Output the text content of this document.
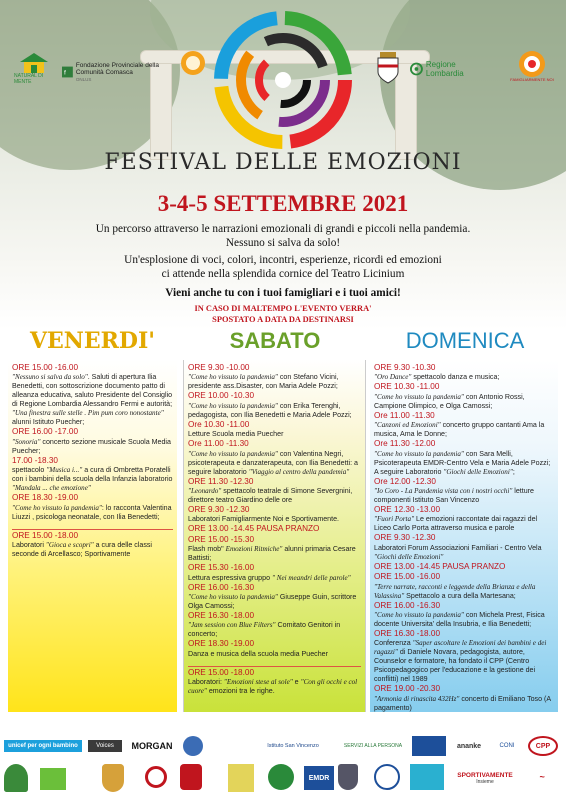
NATURAL DI MENTE
f
Fondazione Provinciale della Comunità Comasca
ONLUS
Regione Lombardia
FAMIGLIARMENTE NOI
FESTIVAL DELLE EMOZIONI
3-4-5 SETTEMBRE 2021
Un percorso attraverso le narrazioni emozionali di grandi e piccoli nella pandemia.
Nessuno si salva da solo!
Un'esplosione di voci, colori, incontri, esperienze, ricordi ed emozioni
ci attende nella splendida cornice del Teatro Licinium
Vieni anche tu con i tuoi famigliari e i tuoi amici!
IN CASO DI MALTEMPO L'EVENTO VERRA'
SPOSTATO A DATA DA DESTINARSI
VENERDI'	SABATO	DOMENICA
ORE 15.00 -16.00
"Nessuno si salva da solo". Saluti di apertura Ilia Benedetti, con sottoscrizione documento patto di alleanza educativa, saluto Presidente del Consiglio di Regione Lombardia Alessandro Fermi e autorità;
"Una finestra sulle stelle . Pim pum coro nonostante" alunni Istituto Puecher;
ORE 16.00 -17.00
"Sonoria" concerto sezione musicale Scuola Media Puecher;
17.00 -18.30
spettacolo "Musica i..." a cura di Ombretta Poratelli con i bambini della scuola della Infanzia laboratorio "Mandala ... che emozione"
ORE 18.30 -19.00
"Come ho vissuto la pandemia": lo racconta Valentina Liuzzi , psicologa neonatale, con Ilia Benedetti;
ORE 15.00 -18.00
Laboratori "Gioca e scopri" a cura delle classi seconde di Arcellasco; Sportivamente
ORE 9.30 -10.00
"Come ho vissuto la pandemia" con Stefano Vicini, presidente ass.Disaster, con Maria Adele Pozzi;
ORE 10.00 -10.30
"Come ho vissuto la pandemia" con Erika Terenghi, pedagogista, con Ilia Benedetti e Maria Adele Pozzi;
Ore 10.30 -11.00
Letture Scuola media Puecher
Ore 11.00 -11.30
"Come ho vissuto la pandemia" con Valentina Negri, psicoterapeuta e danzaterapeuta, con Ilia Benedetti: a seguire laboratorio "Viaggio al centro della pandemia"
ORE 11.30 -12.30
"Leonardo" spettacolo teatrale di Simone Severgnini, direttore teatro Giardino delle ore
ORE 9.30 -12.30
Laboratori Famigliarmente Noi e Sportivamente.
ORE 13.00 -14.45 PAUSA PRANZO
ORE 15.00 -15.30
Flash mob" Emozioni Ritmiche" alunni primaria Cesare Battisti;
ORE 15.30 -16.00
Lettura espressiva gruppo " Nei meandri delle parole"
ORE 16.00 -16.30
"Come ho vissuto la pandemia" Giuseppe Guin, scrittore Olga Camossi;
ORE 16.30 -18.00
"Jam session con Blue Filters" Comitato Genitori in concerto;
ORE 18.30 -19.00
Danza e musica della scuola media Puecher
ORE 15.00 -18.00
Laboratori: "Emozioni stese al sole" e "Con gli occhi e col cuore" emozioni tra le righe.
ORE 9.30 -10.30
"Oro Dance" spettacolo danza e musica;
ORE 10.30 -11.00
"Come ho vissuto la pandemia" con Antonio Rossi, Campione Olimpico, e Olga Camossi;
Ore 11.00 -11.30
"Canzoni ed Emozioni" concerto gruppo cantanti Ama la musica, Ama le Donne;
Ore 11.30 -12.00
"Come ho vissuto la pandemia" con Sara Melli, Psicoterapeuta EMDR-Centro Vela e Maria Adele Pozzi; A seguire Laboratorio "Giochi delle Emozioni";
Ore 12.00 -12.30
"Io Coro - La Pandemia vista con i nostri occhi" letture componenti Istituto San Vincenzo
ORE 12.30 -13.00
"Fuori Porta" Le emozioni raccontate dai ragazzi del Liceo Carlo Porta attraverso musica e parole
ORE 9.30 -12.30
Laboratori Forum Associazioni Familiari - Centro Vela "Giochi delle Emozioni"
ORE 13.00 -14.45 PAUSA PRANZO
ORE 15.00 -16.00
"Terre narrate, racconti e leggende della Brianza e della Valassina" Spettacolo a cura della Martesana;
ORE 16.00 -16.30
"Come ho vissuto la pandemia" con Michela Prest, Fisica docente Universita' della Insubria, e Ilia Benedetti;
ORE 16.30 -18.00
Conferenza "Saper ascoltare le Emozioni dei bambini e dei ragazzi" di Daniele Novara, pedagogista, autore, Counselor e formatore, ha fondato il CPP (Centro Psicopedagogico per l'educazione e la gestione dei conflitti) nel 1989
ORE 19.00 -20.30
"Armonia di rinascita 432Hz" concerto di Emiliano Toso (A pagamento)
unicef per ogni bambino	Voices	MORGAN	Istituto San Vincenzo	SERVIZI ALLA PERSONA	ananke	CONI	CPP
EMDR	SPORTIVAMENTE
Insieme	~
